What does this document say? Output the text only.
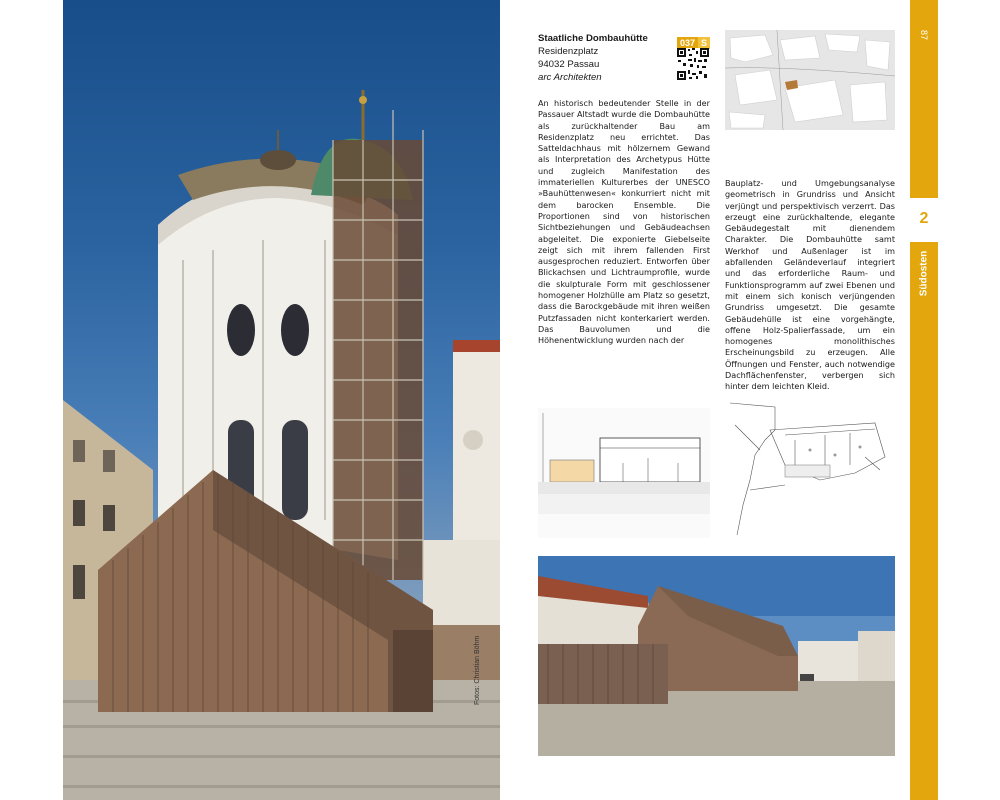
Staatliche Dombauhütte
Residenzplatz
94032 Passau
arc Architekten
037 S
An historisch bedeutender Stelle in der Passauer Altstadt wurde die Dombauhütte als zurückhaltender Bau am Residenzplatz neu errichtet. Das Satteldachhaus mit hölzernem Gewand als Interpretation des Archetypus Hütte und zugleich Manifestation des immateriellen Kulturerbes der UNESCO »Bauhüttenwesen« konkurriert nicht mit dem barocken Ensemble. Die Proportionen sind von historischen Sichtbeziehungen und Gebäudeachsen abgeleitet. Die exponierte Giebelseite zeigt sich mit ihrem fallenden First ausgesprochen reduziert. Entworfen über Blickachsen und Lichtraumprofile, wurde die skulpturale Form mit geschlossener homogener Holzhülle am Platz so gesetzt, dass die Barockgebäude mit ihren weißen Putzfassaden nicht konterkariert werden. Das Bauvolumen und die Höhenentwicklung wurden nach der
Bauplatz- und Umgebungsanalyse geometrisch in Grundriss und Ansicht verjüngt und perspektivisch verzerrt. Das erzeugt eine zurückhaltende, elegante Gebäudegestalt mit dienendem Charakter. Die Dombauhütte samt Werkhof und Außenlager ist im abfallenden Geländeverlauf integriert und das erforderliche Raum- und Funktionsprogramm auf zwei Ebenen und mit einem sich konisch verjüngenden Grundriss umgesetzt. Die gesamte Gebäudehülle ist eine vorgehängte, offene Holz-Spalierfassade, um ein homogenes monolithisches Erscheinungsbild zu erzeugen. Alle Öffnungen und Fenster, auch notwendige Dachflächenfenster, verbergen sich hinter dem leichten Kleid.
Fotos: Christian Böhm
87
2
Südosten
